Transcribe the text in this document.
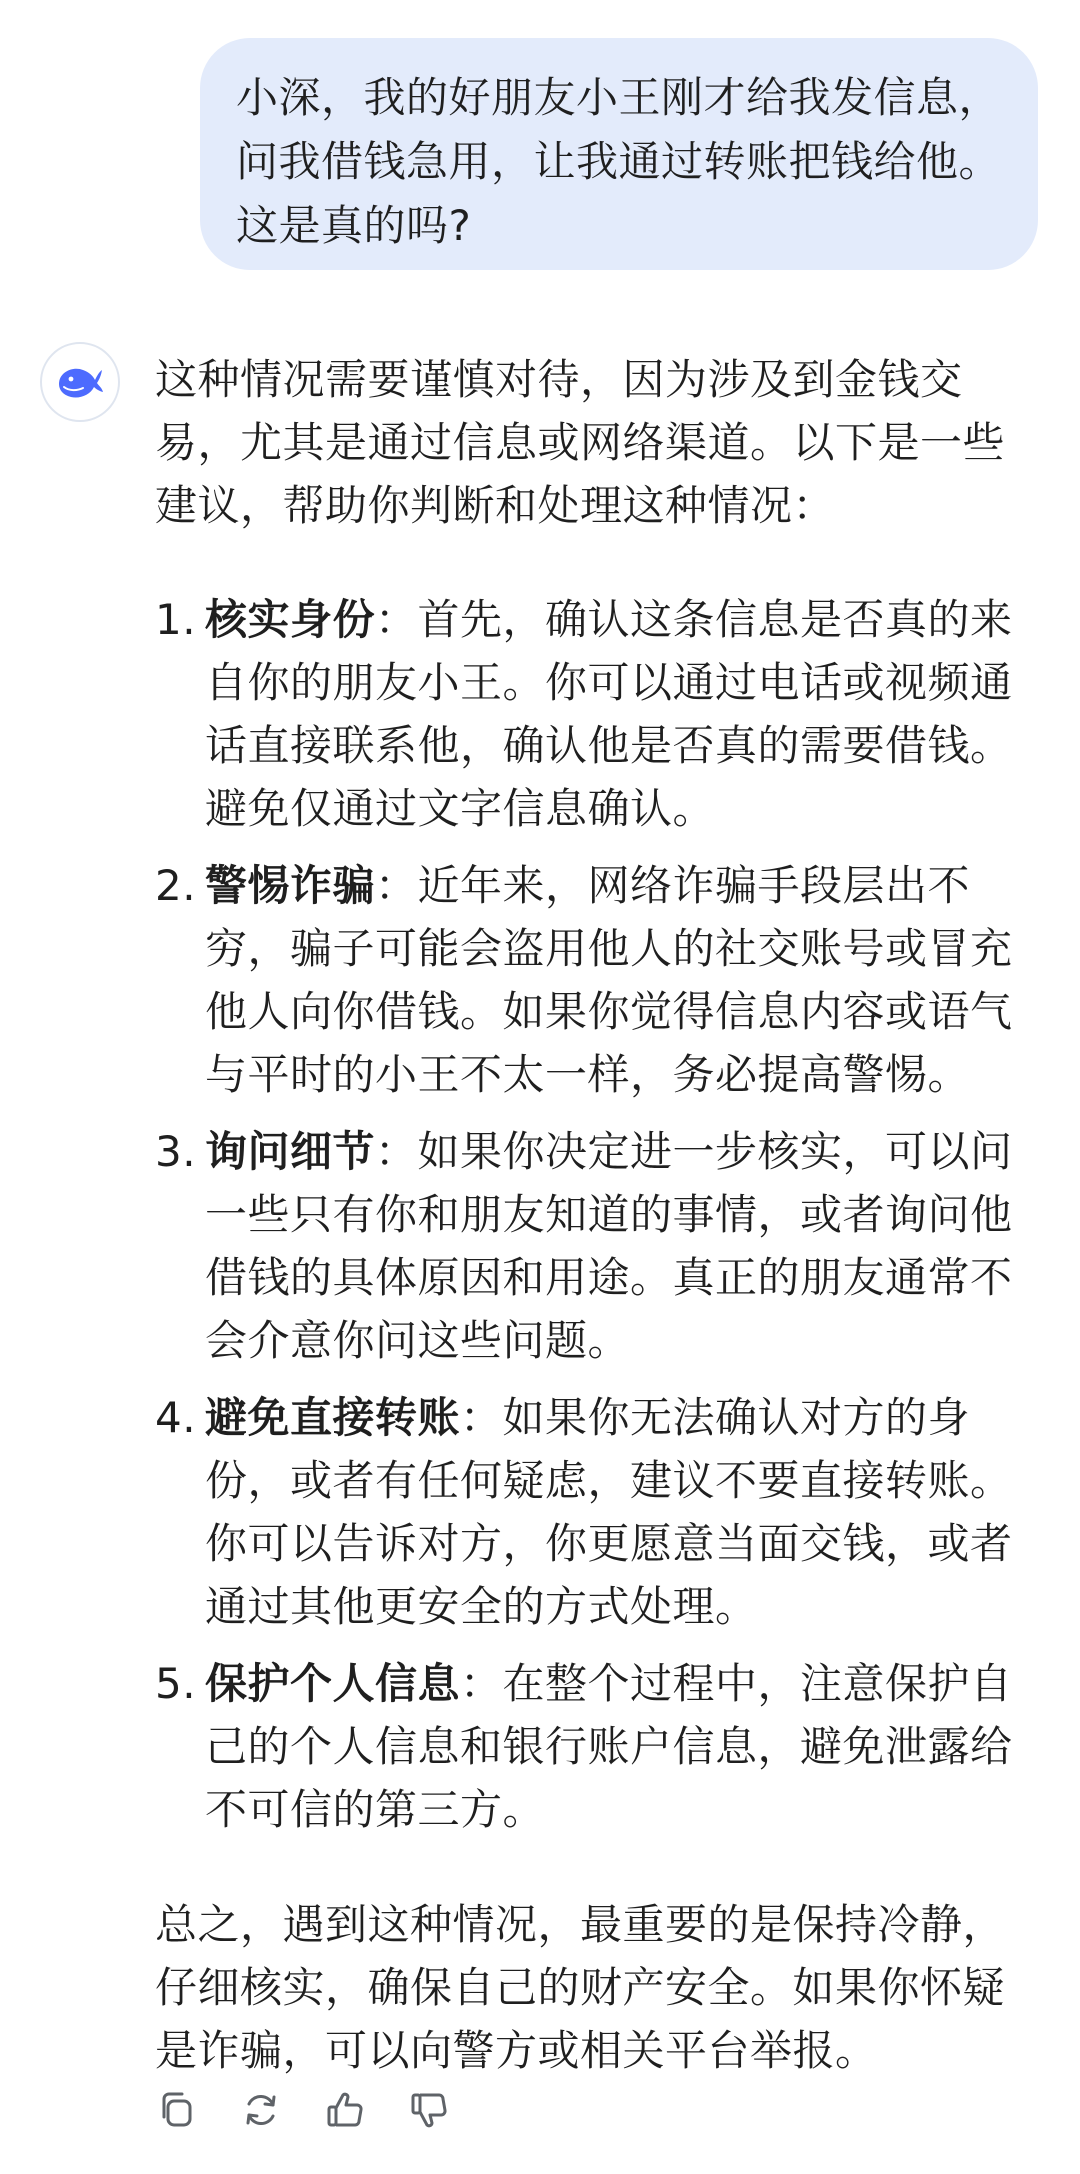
小深，我的好朋友小王刚才给我发信息，

问我借钱急用，让我通过转账把钱给他。

这是真的吗?

这种情况需要谨慎对待，因为涉及到金钱交
易，尤其是通过信息或网络渠道。以下是一些
建议，帮助你判断和处理这种情况：

1. 核实身份：首先，确认这条信息是否真的来
自你的朋友小王。你可以通过电话或视频通
话直接联系他，确认他是否真的需要借钱。
避免仅通过文字信息确认。
2. 警惕诈骗：近年来，网络诈骗手段层出不
穷，骗子可能会盗用他人的社交账号或冒充
他人向你借钱。如果你觉得信息内容或语气
与平时的小王不太一样，务必提高警惕。
3. 询问细节：如果你决定进一步核实，可以问
一些只有你和朋友知道的事情，或者询问他
借钱的具体原因和用途。真正的朋友通常不
会介意你问这些问题。
4. 避免直接转账：如果你无法确认对方的身
份，或者有任何疑虑，建议不要直接转账。
你可以告诉对方，你更愿意当面交钱，或者
通过其他更安全的方式处理。
5. 保护个人信息：在整个过程中，注意保护自
己的个人信息和银行账户信息，避免泄露给
不可信的第三方。

总之，遇到这种情况，最重要的是保持冷静，
仔细核实，确保自己的财产安全。如果你怀疑
是诈骗，可以向警方或相关平台举报。
